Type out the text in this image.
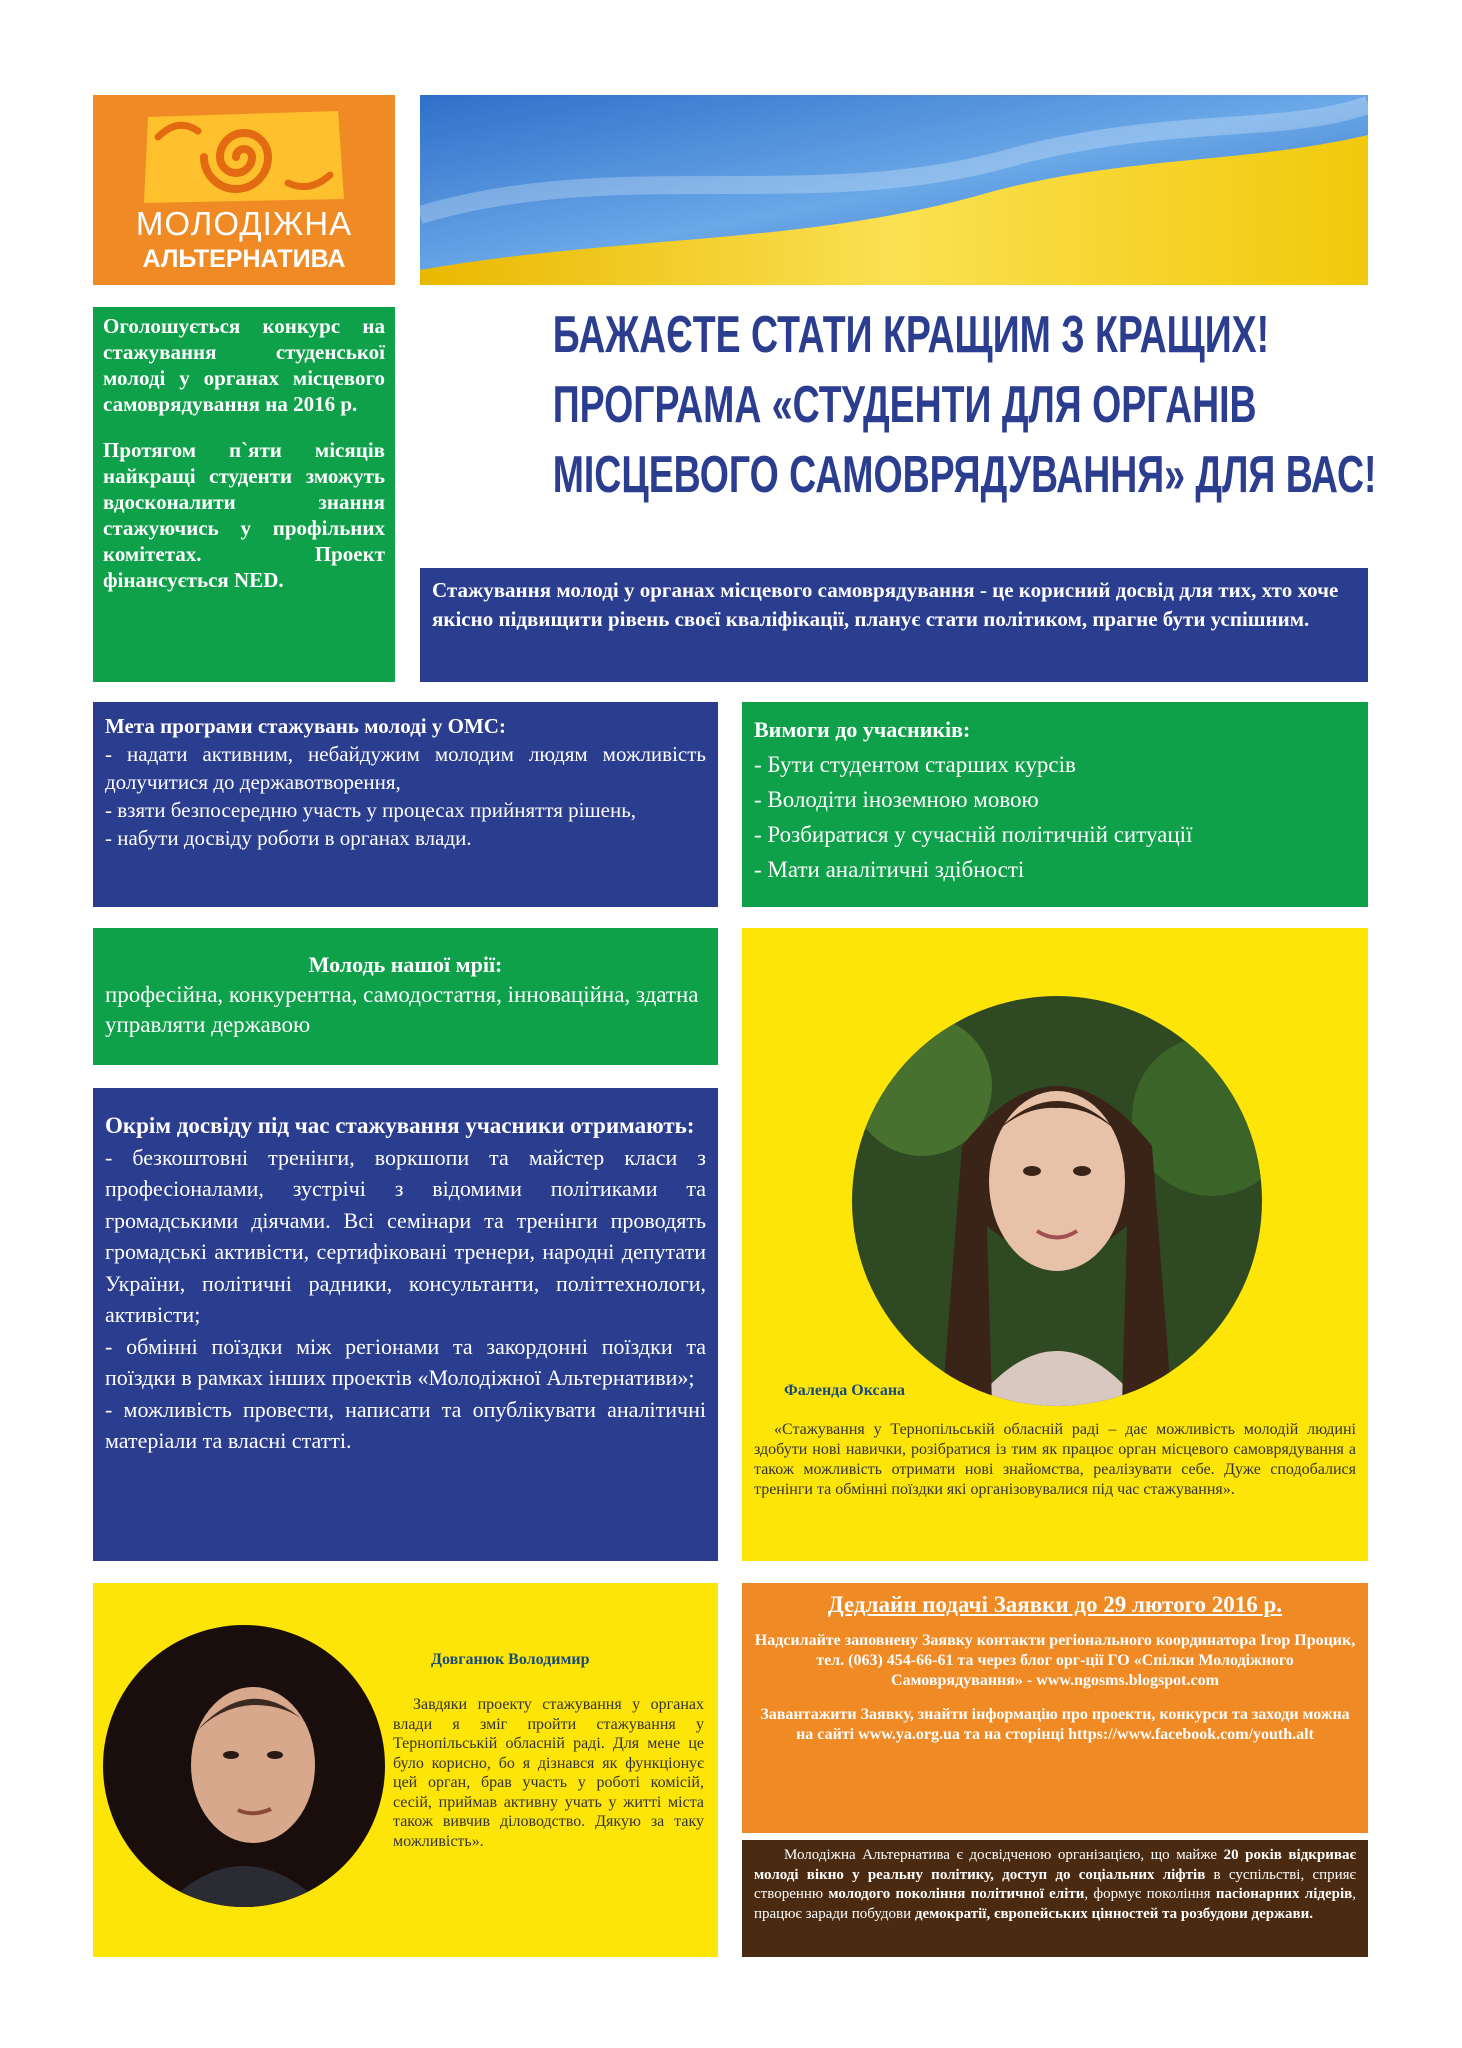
МОЛОДІЖНА
АЛЬТЕРНАТИВА

Оголошується конкурс на стажування студенської молоді у органах місцевого самоврядування на 2016 р.

Протягом п`яти місяців найкращі студенти зможуть вдосконалити знання стажуючись у профільних комітетах. Проект фінансується NED.

БАЖАЄТЕ СТАТИ КРАЩИМ З КРАЩИХ!
ПРОГРАМА «СТУДЕНТИ ДЛЯ ОРГАНІВ
МІСЦЕВОГО САМОВРЯДУВАННЯ» ДЛЯ ВАС!
Стажування молоді у органах місцевого самоврядування - це корисний досвід для тих, хто хоче якісно підвищити рівень своєї кваліфікації, планує стати політиком, прагне бути успішним.
Мета програми стажувань молоді у ОМС:
- надати активним, небайдужим молодим людям можливість долучитися до державотворення,
- взяти безпосередню участь у процесах прийняття рішень,
- набути досвіду роботи в органах влади.
Вимоги до учасників:
- Бути студентом старших курсів
- Володіти іноземною мовою
- Розбиратися у сучасній політичній ситуації
- Мати аналітичні здібності
Молодь нашої мрії:
професійна, конкурентна, самодостатня, інноваційна, здатна управляти державою
Окрім досвіду під час стажування учасники отримають:
- безкоштовні тренінги, воркшопи та майстер класи з професіоналами, зустрічі з відомими політиками та громадськими діячами. Всі семінари та тренінги проводять громадські активісти, сертифіковані тренери, народні депутати України, політичні радники, консультанти, політтехнологи, активісти;
- обмінні поїздки між регіонами та закордонні поїздки та поїздки в рамках інших проектів «Молодіжної Альтернативи»;
- можливість провести, написати та опублікувати аналітичні матеріали та власні статті.
Фаленда Оксана
«Стажування у Тернопільській обласній раді – дає можливість молодій людині здобути нові навички, розібратися із тим як працює орган місцевого самоврядування а також можливість отримати нові знайомства, реалізувати себе. Дуже сподобалися тренінги та обмінні поїздки які організовувалися під час стажування».
Довганюк Володимир
Завдяки проекту стажування у органах влади я зміг пройти стажування у Тернопільській обласній раді. Для мене це було корисно, бо я дізнався як функціонує цей орган, брав участь у роботі комісій, сесій, приймав активну учать у житті міста також вивчив діловодство. Дякую за таку можливість».
Дедлайн подачі Заявки до 29 лютого 2016 р.

Надсилайте заповнену Заявку контакти регіонального координатора Ігор Процик, тел. (063) 454-66-61 та через блог орг-ції ГО «Спілки Молодіжного Самоврядування» - www.ngosms.blogspot.com

Завантажити Заявку, знайти інформацію про проекти, конкурси та заходи можна на сайті www.ya.org.ua та на сторінці https://www.facebook.com/youth.alt

Молодіжна Альтернатива є досвідченою організацією, що майже 20 років відкриває молоді вікно у реальну політику, доступ до соціальних ліфтів в суспільстві, сприяє створенню молодого покоління політичної еліти, формує покоління пасіонарних лідерів, працює заради побудови демократії, європейських цінностей та розбудови держави.
